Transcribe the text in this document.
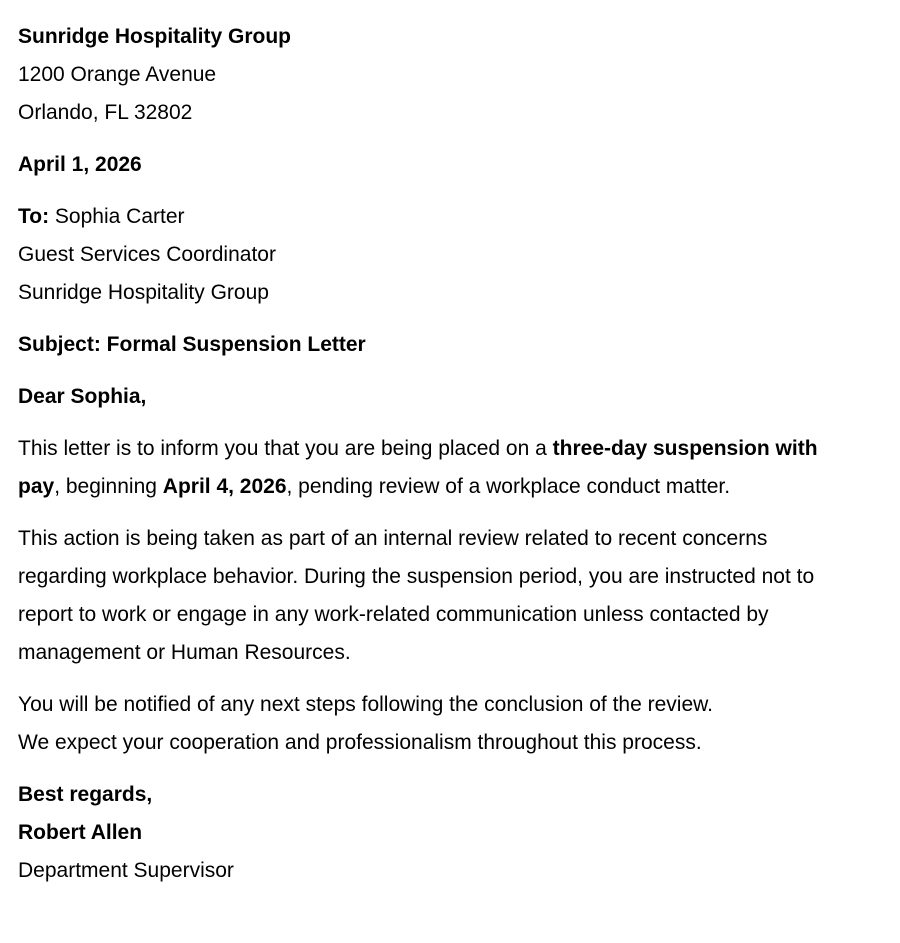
Sunridge Hospitality Group
1200 Orange Avenue
Orlando, FL 32802
April 1, 2026
To: Sophia Carter
Guest Services Coordinator
Sunridge Hospitality Group
Subject: Formal Suspension Letter
Dear Sophia,
This letter is to inform you that you are being placed on a three-day suspension with pay, beginning April 4, 2026, pending review of a workplace conduct matter.
This action is being taken as part of an internal review related to recent concerns regarding workplace behavior. During the suspension period, you are instructed not to report to work or engage in any work-related communication unless contacted by management or Human Resources.
You will be notified of any next steps following the conclusion of the review.
We expect your cooperation and professionalism throughout this process.
Best regards,
Robert Allen
Department Supervisor
